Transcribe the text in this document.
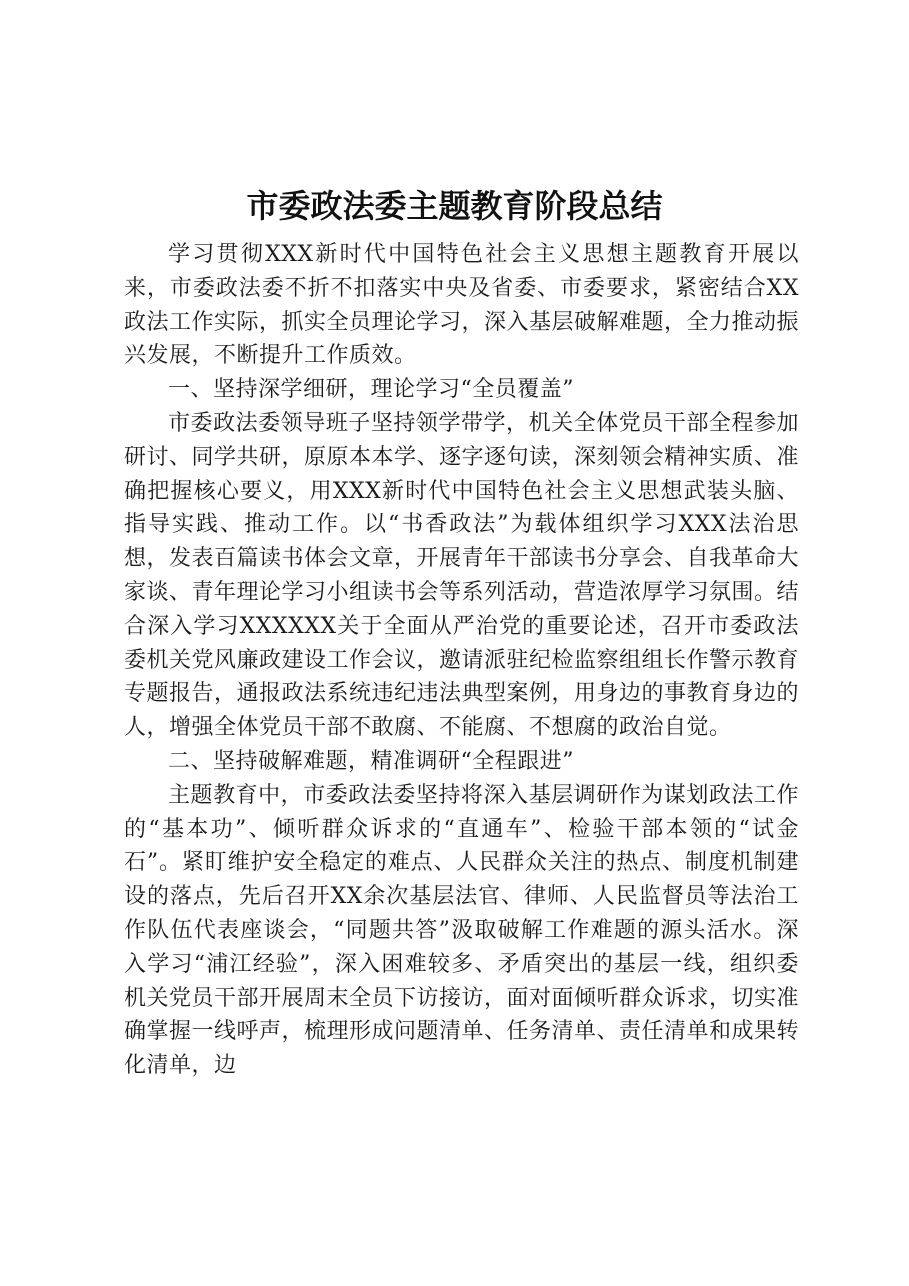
市委政法委主题教育阶段总结

学习贯彻XXX新时代中国特色社会主义思想主题教育开展以来，市委政法委不折不扣落实中央及省委、市委要求，紧密结合XX政法工作实际，抓实全员理论学习，深入基层破解难题，全力推动振兴发展，不断提升工作质效。

一、坚持深学细研，理论学习“全员覆盖”

市委政法委领导班子坚持领学带学，机关全体党员干部全程参加研讨、同学共研，原原本本学、逐字逐句读，深刻领会精神实质、准确把握核心要义，用XXX新时代中国特色社会主义思想武装头脑、指导实践、推动工作。以“书香政法”为载体组织学习XXX法治思想，发表百篇读书体会文章，开展青年干部读书分享会、自我革命大家谈、青年理论学习小组读书会等系列活动，营造浓厚学习氛围。结合深入学习XXXXXX关于全面从严治党的重要论述，召开市委政法委机关党风廉政建设工作会议，邀请派驻纪检监察组组长作警示教育专题报告，通报政法系统违纪违法典型案例，用身边的事教育身边的人，增强全体党员干部不敢腐、不能腐、不想腐的政治自觉。

二、坚持破解难题，精准调研“全程跟进”

主题教育中，市委政法委坚持将深入基层调研作为谋划政法工作的“基本功”、倾听群众诉求的“直通车”、检验干部本领的“试金石”。紧盯维护安全稳定的难点、人民群众关注的热点、制度机制建设的落点，先后召开XX余次基层法官、律师、人民监督员等法治工作队伍代表座谈会，“同题共答”汲取破解工作难题的源头活水。深入学习“浦江经验”，深入困难较多、矛盾突出的基层一线，组织委机关党员干部开展周末全员下访接访，面对面倾听群众诉求，切实准确掌握一线呼声，梳理形成问题清单、任务清单、责任清单和成果转化清单，边
